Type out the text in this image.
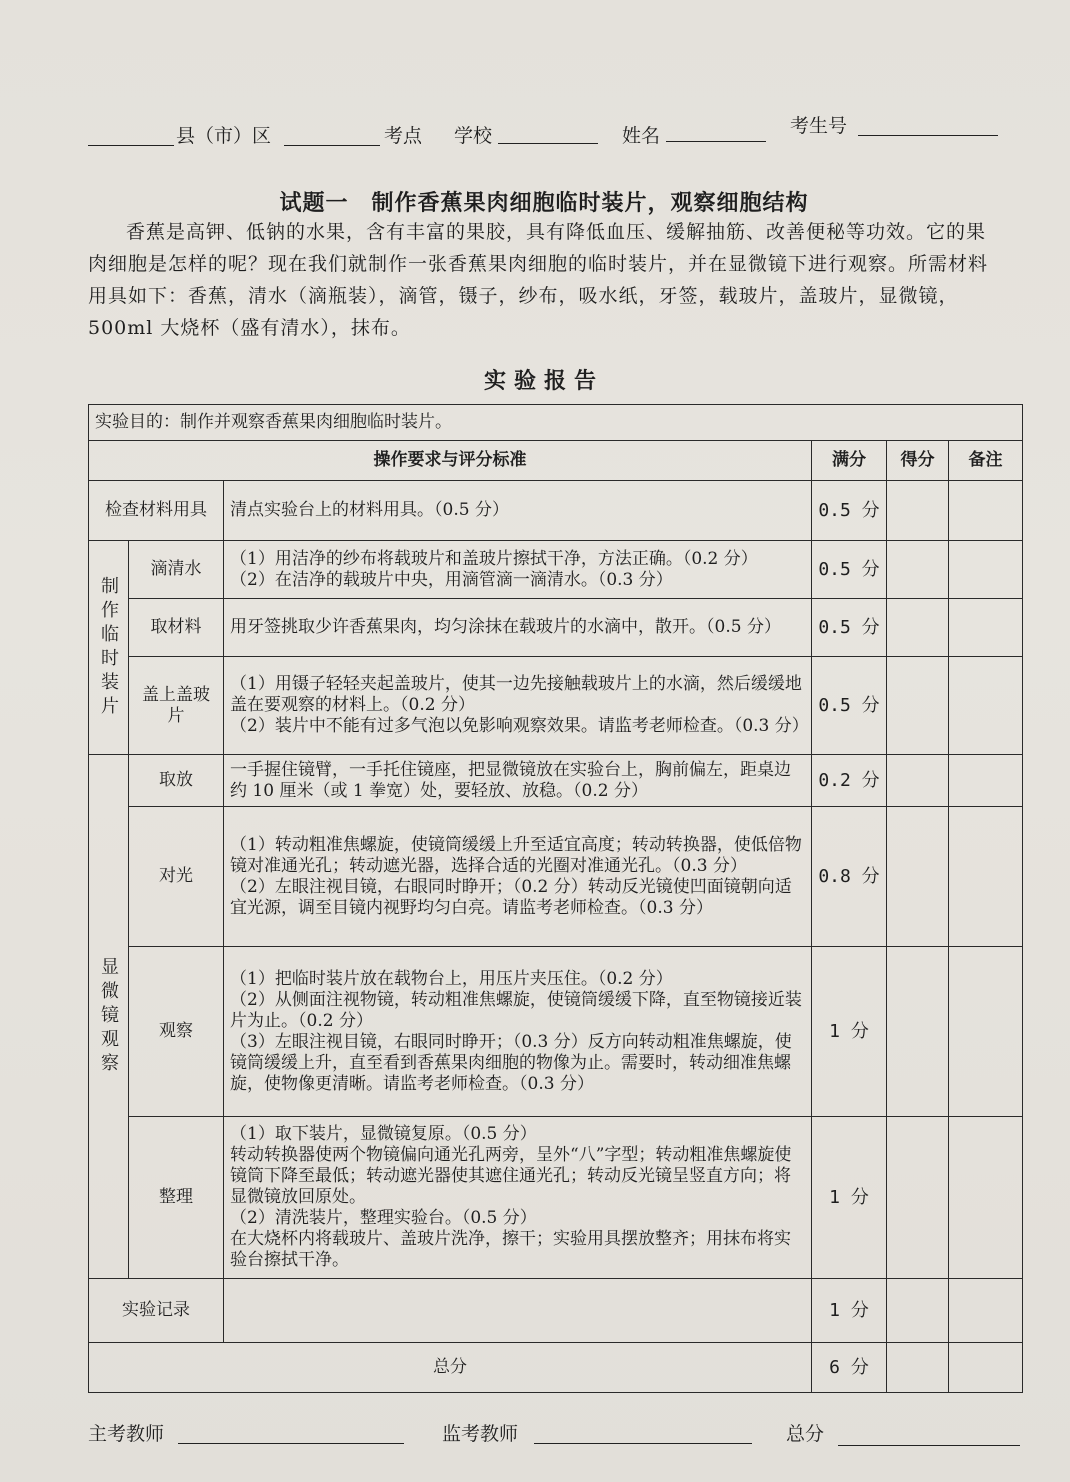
县（市）区	考点 学校	姓名	考生号
试题一　制作香蕉果肉细胞临时装片，观察细胞结构
香蕉是高钾、低钠的水果，含有丰富的果胶，具有降低血压、缓解抽筋、改善便秘等功效。它的果肉细胞是怎样的呢？现在我们就制作一张香蕉果肉细胞的临时装片，并在显微镜下进行观察。所需材料用具如下：香蕉，清水（滴瓶装），滴管，镊子，纱布，吸水纸，牙签，载玻片，盖玻片，显微镜，500ml 大烧杯（盛有清水），抹布。
实验报告
实验目的：制作并观察香蕉果肉细胞临时装片。					
操作要求与评分标准			满分	得分	备注
检查材料用具		清点实验台上的材料用具。（0.5 分）	0.5 分		

制作临时装片	滴清水	（1）用洁净的纱布将载玻片和盖玻片擦拭干净，方法正确。（0.2 分）
（2）在洁净的载玻片中央，用滴管滴一滴清水。（0.3 分）	0.5 分		
	取材料	用牙签挑取少许香蕉果肉，均匀涂抹在载玻片的水滴中，散开。（0.5 分）	0.5 分		
	盖上盖玻片	（1）用镊子轻轻夹起盖玻片，使其一边先接触载玻片上的水滴，然后缓缓地盖在要观察的材料上。（0.2 分）
（2）装片中不能有过多气泡以免影响观察效果。请监考老师检查。（0.3 分）	0.5 分		

显微镜观察	取放	一手握住镜臂，一手托住镜座，把显微镜放在实验台上，胸前偏左，距桌边约 10 厘米（或 1 拳宽）处，要轻放、放稳。（0.2 分）	0.2 分		
	对光	（1）转动粗准焦螺旋，使镜筒缓缓上升至适宜高度；转动转换器，使低倍物镜对准通光孔；转动遮光器，选择合适的光圈对准通光孔。（0.3 分）
（2）左眼注视目镜，右眼同时睁开；（0.2 分）转动反光镜使凹面镜朝向适宜光源，调至目镜内视野均匀白亮。请监考老师检查。（0.3 分）	0.8 分		
	观察	（1）把临时装片放在载物台上，用压片夹压住。（0.2 分）
（2）从侧面注视物镜，转动粗准焦螺旋，使镜筒缓缓下降，直至物镜接近装片为止。（0.2 分）
（3）左眼注视目镜，右眼同时睁开；（0.3 分）反方向转动粗准焦螺旋，使镜筒缓缓上升，直至看到香蕉果肉细胞的物像为止。需要时，转动细准焦螺旋，使物像更清晰。请监考老师检查。（0.3 分）	1 分		
	整理	（1）取下装片，显微镜复原。（0.5 分）
转动转换器使两个物镜偏向通光孔两旁，呈外“八”字型；转动粗准焦螺旋使镜筒下降至最低；转动遮光器使其遮住通光孔；转动反光镜呈竖直方向；将显微镜放回原处。
（2）清洗装片，整理实验台。（0.5 分）
在大烧杯内将载玻片、盖玻片洗净，擦干；实验用具摆放整齐；用抹布将实验台擦拭干净。	1 分		
实验记录			1 分		
总分			6 分		
主考教师	监考教师	总分
